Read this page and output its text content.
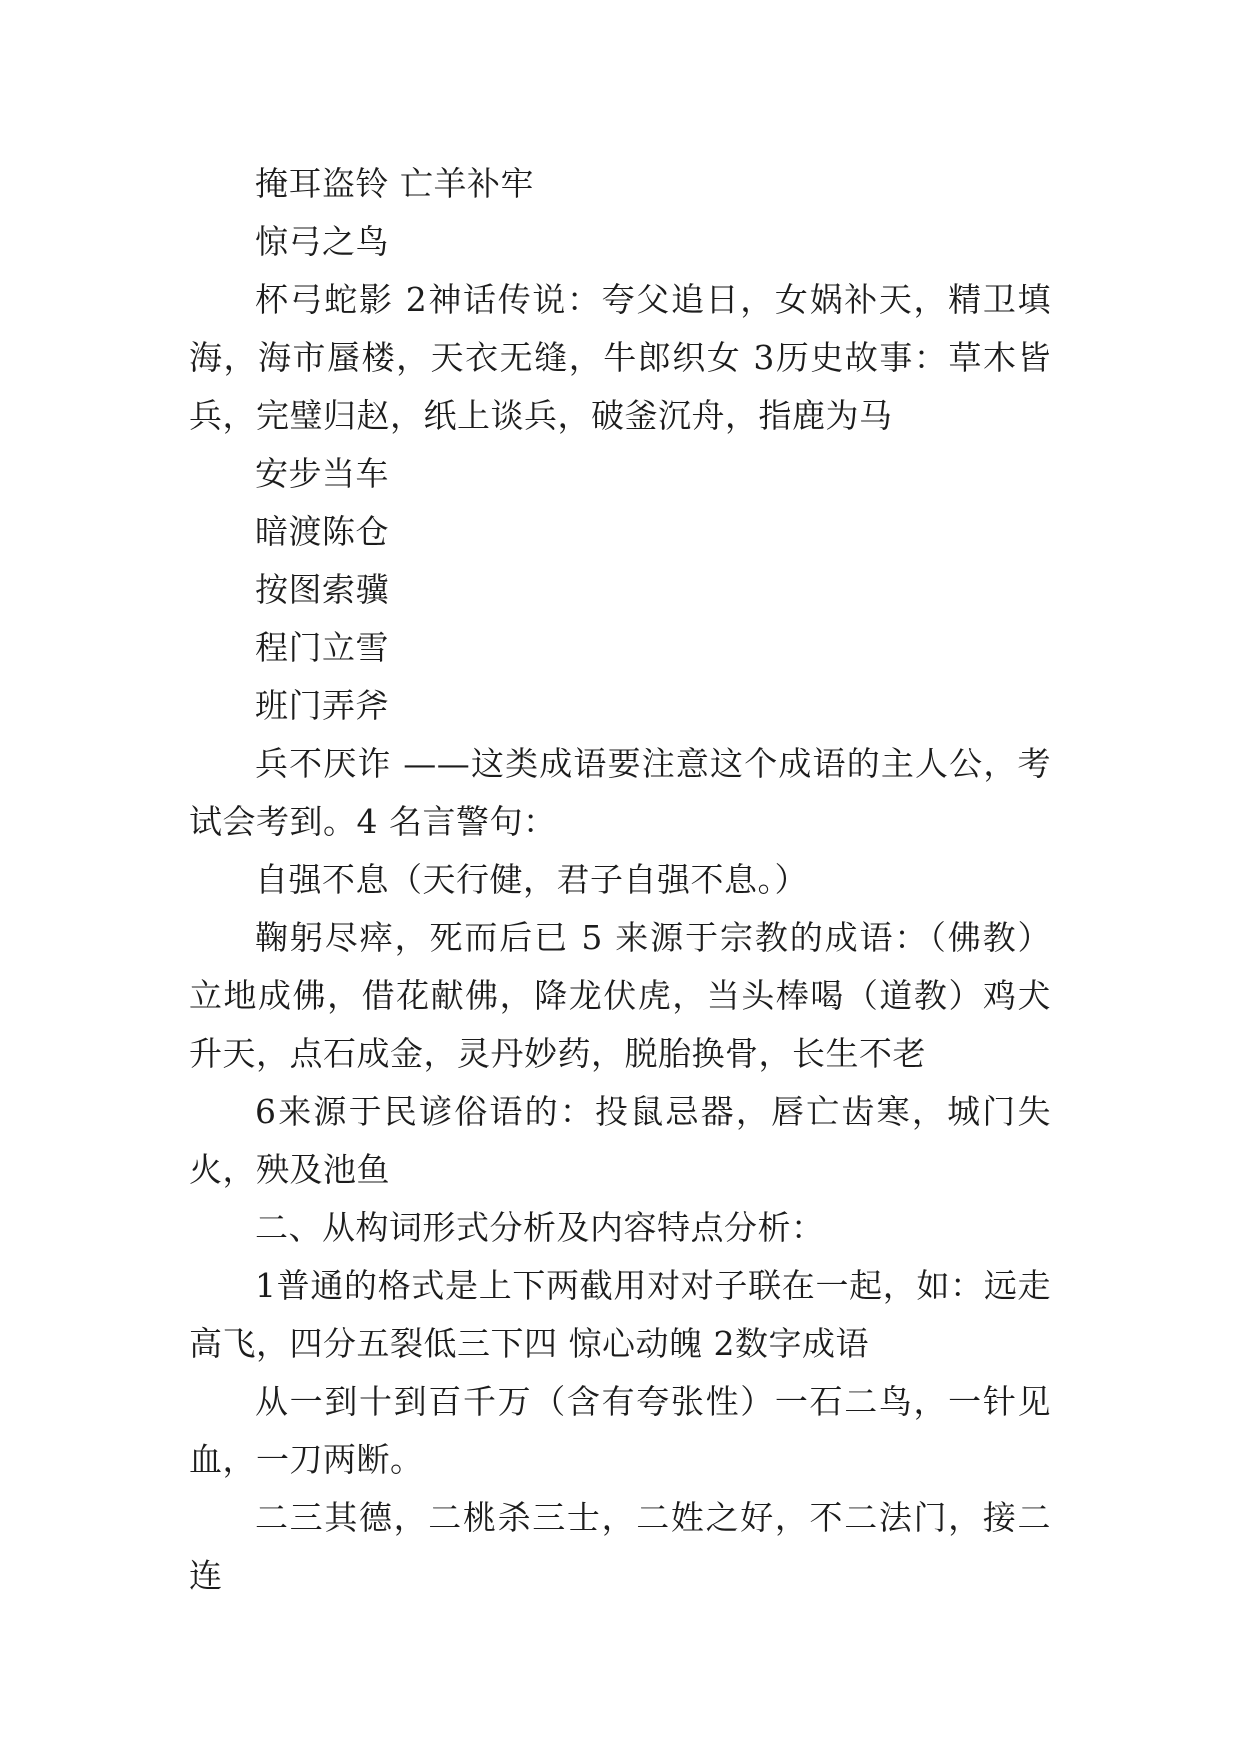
掩耳盗铃 亡羊补牢

惊弓之鸟

杯弓蛇影 2神话传说：夸父追日，女娲补天，精卫填海，海市蜃楼，天衣无缝，牛郎织女 3历史故事：草木皆兵，完璧归赵，纸上谈兵，破釜沉舟，指鹿为马

安步当车

暗渡陈仓

按图索骥

程门立雪

班门弄斧

兵不厌诈 ——这类成语要注意这个成语的主人公，考试会考到。4 名言警句：

自强不息（天行健，君子自强不息。）

鞠躬尽瘁，死而后已 5 来源于宗教的成语：（佛教）立地成佛，借花献佛，降龙伏虎，当头棒喝（道教）鸡犬升天，点石成金，灵丹妙药，脱胎换骨，长生不老

6来源于民谚俗语的：投鼠忌器，唇亡齿寒，城门失火，殃及池鱼

二、从构词形式分析及内容特点分析：

1普通的格式是上下两截用对对子联在一起，如：远走高飞，四分五裂低三下四 惊心动魄 2数字成语

从一到十到百千万（含有夸张性）一石二鸟，一针见血，一刀两断。

二三其德，二桃杀三士，二姓之好，不二法门，接二连
